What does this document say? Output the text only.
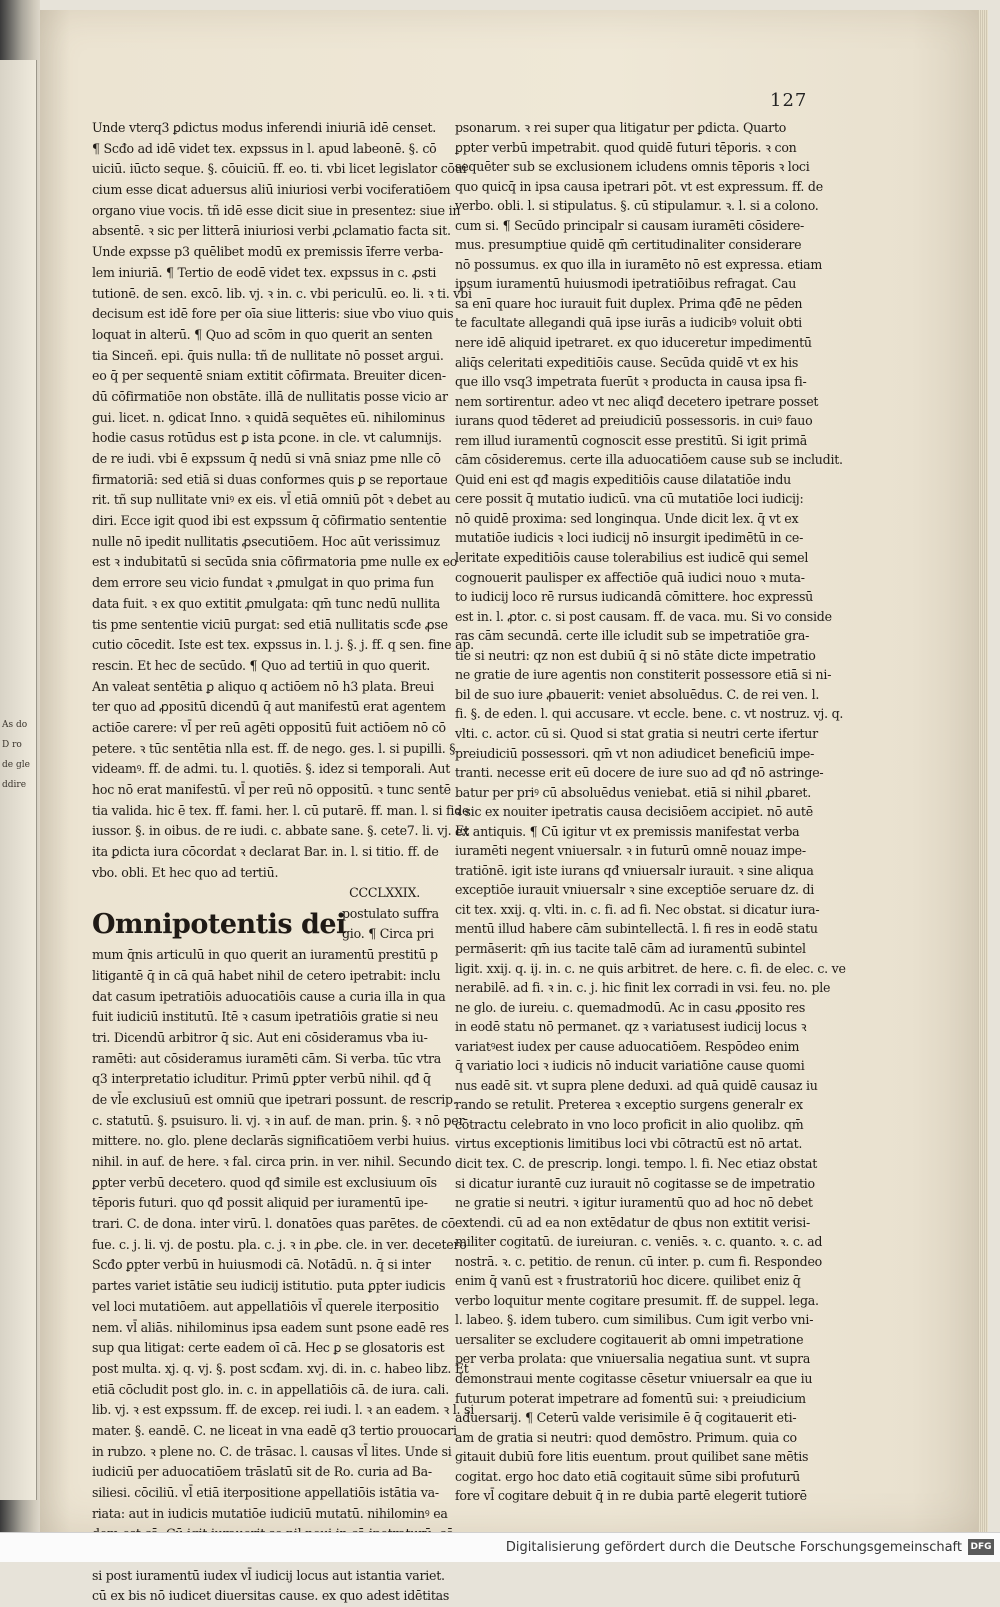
As do
D ro
de gle
ddire
127
Unde vterq3 ꝑdictus modus inferendi iniuriā idē censet.
¶ Scđo ad idē videt tex. expssus in l. apud labeonē. §. cō
uiciū. iūcto seque. §. cōuiciū. ff. eo. ti. vbi licet legislator cōui
cium esse dicat aduersus aliū iniuriosi verbi vociferatiōem
organo viue vocis. tñ idē esse dicit siue in presentez: siue in
absentē. ꝛ sic per litterā iniuriosi verbi ꝓclamatio facta sit.
Unde expsse p3 quēlibet modū ex premissis īferre verba-
lem iniuriā. ¶ Tertio de eodē videt tex. expssus in c. ꝓsti
tutionē. de sen. excō. lib. vj. ꝛ in. c. vbi periculū. eo. li. ꝛ ti. vbi
decisum est idē fore per oīa siue litteris: siue vbo viuo quis
loquat in alterū. ¶ Quo ad scōm in quo querit an senten
tia Sinceñ. epi. q̄uis nulla: tñ de nullitate nō posset argui.
eo q̄ per sequentē sniam extitit cōfirmata. Breuiter dicen-
dū cōfirmatiōe non obstāte. illā de nullitatis posse vicio ar
gui. licet. n. ꝯdicat Inno. ꝛ quidā sequētes eū. nihilominus
hodie casus rotūdus est ꝑ ista ꝑcone. in cle. vt calumnijs.
de re iudi. vbi ē expssum q̄ nedū si vnā sniaz pme nlle cō
firmatoriā: sed etiā si duas conformes quis ꝑ se reportaue
rit. tñ sup nullitate vniꝰ ex eis. vl̄ etiā omniū pōt ꝛ debet au
diri. Ecce igit quod ibi est expssum q̄ cōfirmatio sententie
nulle nō ipedit nullitatis ꝓsecutiōem. Hoc aūt verissimuz
est ꝛ indubitatū si secūda snia cōfirmatoria pme nulle ex eo
dem errore seu vicio fundat ꝛ ꝓmulgat in quo prima fun
data fuit. ꝛ ex quo extitit ꝓmulgata: qm̄ tunc nedū nullita
tis pme sententie viciū purgat: sed etiā nullitatis scđe ꝓse
cutio cōcedit. Iste est tex. expssus in. l. j. §. j. ff. q sen. fine ap.
rescin. Et hec de secūdo. ¶ Quo ad tertiū in quo querit.
An valeat sentētia ꝑ aliquo q actiōem nō h3 plata. Breui
ter quo ad ꝓpositū dicendū q̄ aut manifestū erat agentem
actiōe carere: vl̄ per reū agēti oppositū fuit actiōem nō cō
petere. ꝛ tūc sentētia nlla est. ff. de nego. ges. l. si pupilli. §.
videamꝰ. ff. de admi. tu. l. quotiēs. §. idez si temporali. Aut
hoc nō erat manifestū. vl̄ per reū nō oppositū. ꝛ tunc sentē
tia valida. hic ē tex. ff. fami. her. l. cū putarē. ff. man. l. si fide
iussor. §. in oibus. de re iudi. c. abbate sane. §. cete7. li. vj. Et
ita ꝑdicta iura cōcordat ꝛ declarat Bar. in. l. si titio. ff. de
vbo. obli. Et hec quo ad tertiū.
CCCLXXIX.
Omnipotentis dei
postulato suffra
gio. ¶ Circa pri
mum q̄nis articulū in quo querit an iuramentū prestitū p
litigantē q̄ in cā quā habet nihil de cetero ipetrabit: inclu
dat casum ipetratiōis aduocatiōis cause a curia illa in qua
fuit iudiciū institutū. Itē ꝛ casum ipetratiōis gratie si neu
tri. Dicendū arbitror q̄ sic. Aut eni cōsideramus vba iu-
ramēti: aut cōsideramus iuramēti cām. Si verba. tūc vtra
q3 interpretatio icluditur. Primū ꝑpter verbū nihil. qđ q̄
de vl̄e exclusiuū est omniū que ipetrari possunt. de rescrip.
c. statutū. §. psuisuro. li. vj. ꝛ in auf. de man. prin. §. ꝛ nō per
mittere. no. glo. plene declarās significatiōem verbi huius.
nihil. in auf. de here. ꝛ fal. circa prin. in ver. nihil. Secundo
ꝑpter verbū decetero. quod qđ simile est exclusiuum oīs
tēporis futuri. quo qđ possit aliquid per iuramentū ipe-
trari. C. de dona. inter virū. l. donatōes quas parētes. de cō
fue. c. j. li. vj. de postu. pla. c. j. ꝛ in ꝓbe. cle. in ver. decetero
Scđo ꝑpter verbū in huiusmodi cā. Notādū. n. q̄ si inter
partes variet istātie seu iudicij istitutio. puta ꝑpter iudicis
vel loci mutatiōem. aut appellatiōis vl̄ querele iterpositio
nem. vl̄ aliās. nihilominus ipsa eadem sunt psone eadē res
sup qua litigat: certe eadem oī cā. Hec ꝑ se glosatoris est
post multa. xj. q. vj. §. post scđam. xvj. di. in. c. habeo libz. Et
etiā cōcludit post glo. in. c. in appellatiōis cā. de iura. cali.
lib. vj. ꝛ est expssum. ff. de excep. rei iudi. l. ꝛ an eadem. ꝛ l. si
mater. §. eandē. C. ne liceat in vna eadē q3 tertio prouocari
in rubzo. ꝛ plene no. C. de trāsac. l. causas vl̄ lites. Unde si
iudiciū per aduocatiōem trāslatū sit de Ro. curia ad Ba-
siliesi. cōciliū. vl̄ etiā iterpositione appellatiōis istātia va-
riata: aut in iudicis mutatiōe iudiciū mutatū. nihilominꝰ ea
si post iuramentū iudex vl̄ iudicij locus aut istantia variet.
cū ex bis nō iudicet diuersitas cause. ex quo adest idētitas
psonarum. ꝛ rei super qua litigatur per ꝑdicta. Quarto
ꝑpter verbū impetrabit. quod quidē futuri tēporis. ꝛ con
sequēter sub se exclusionem icludens omnis tēporis ꝛ loci
quo quicq̄ in ipsa causa ipetrari pōt. vt est expressum. ff. de
verbo. obli. l. si stipulatus. §. cū stipulamur. ꝛ. l. si a colono.
cum si. ¶ Secūdo principalr si causam iuramēti cōsidere-
mus. presumptiue quidē qm̄ certitudinaliter considerare
nō possumus. ex quo illa in iuramēto nō est expressa. etiam
ipsum iuramentū huiusmodi ipetratiōibus refragat. Cau
sa enī quare hoc iurauit fuit duplex. Prima qđē ne pēden
te facultate allegandi quā ipse iurās a iudicibꝰ voluit obti
nere idē aliquid ipetraret. ex quo iduceretur impedimentū
aliq̄s celeritati expeditiōis cause. Secūda quidē vt ex his
que illo vsq3 impetrata fuerūt ꝛ producta in causa ipsa fi-
nem sortirentur. adeo vt nec aliqđ decetero ipetrare posset
iurans quod tēderet ad preiudiciū possessoris. in cuiꝰ fauo
rem illud iuramentū cognoscit esse prestitū. Si igit primā
cām cōsideremus. certe illa aduocatiōem cause sub se includit.
Quid eni est qđ magis expeditiōis cause dilatatiōe indu
cere possit q̄ mutatio iudicū. vna cū mutatiōe loci iudicij:
nō quidē proxima: sed longinqua. Unde dicit lex. q̄ vt ex
mutatiōe iudicis ꝛ loci iudicij nō insurgit ipedimētū in ce-
leritate expeditiōis cause tolerabilius est iudicē qui semel
cognouerit paulisper ex affectiōe quā iudici nouo ꝛ muta-
to iudicij loco rē rursus iudicandā cōmittere. hoc expressū
est in. l. ꝓtor. c. si post causam. ff. de vaca. mu. Si vo conside
ras cām secundā. certe ille icludit sub se impetratiōe gra-
tie si neutri: qz non est dubiū q̄ si nō stāte dicte impetratio
ne gratie de iure agentis non constiterit possessore etiā si ni-
bil de suo iure ꝓbauerit: veniet absoluēdus. C. de rei ven. l.
fi. §. de eden. l. qui accusare. vt eccle. bene. c. vt nostruz. vj. q.
vlti. c. actor. cū si. Quod si stat gratia si neutri certe ifertur
preiudiciū possessori. qm̄ vt non adiudicet beneficiū impe-
tranti. necesse erit eū docere de iure suo ad qđ nō astringe-
batur per priꝰ cū absoluēdus veniebat. etiā si nihil ꝓbaret.
ꝛ sic ex nouiter ipetratis causa decisiōem accipiet. nō autē
ex antiquis. ¶ Cū igitur vt ex premissis manifestat verba
iuramēti negent vniuersalr. ꝛ in futurū omnē nouaz impe-
tratiōnē. igit iste iurans qđ vniuersalr iurauit. ꝛ sine aliqua
exceptiōe iurauit vniuersalr ꝛ sine exceptiōe seruare dz. di
cit tex. xxij. q. vlti. in. c. fi. ad fi. Nec obstat. si dicatur iura-
mentū illud habere cām subintellectā. l. fi res in eodē statu
permāserit: qm̄ ius tacite talē cām ad iuramentū subintel
ligit. xxij. q. ij. in. c. ne quis arbitret. de here. c. fi. de elec. c. ve
nerabilē. ad fi. ꝛ in. c. j. hic finit lex corradi in vsi. feu. no. ple
ne glo. de iureiu. c. quemadmodū. Ac in casu ꝓposito res
in eodē statu nō permanet. qz ꝛ variatusest iudicij locus ꝛ
variatꝰest iudex per cause aduocatiōem. Respōdeo enim
q̄ variatio loci ꝛ iudicis nō inducit variatiōne cause quomi
nus eadē sit. vt supra plene deduxi. ad quā quidē causaz iu
rando se retulit. Preterea ꝛ exceptio surgens generalr ex
cōtractu celebrato in vno loco proficit in alio quolibz. qm̄
virtus exceptionis limitibus loci vbi cōtractū est nō artat.
dicit tex. C. de prescrip. longi. tempo. l. fi. Nec etiaz obstat
si dicatur iurantē cuz iurauit nō cogitasse se de impetratio
ne gratie si neutri. ꝛ igitur iuramentū quo ad hoc nō debet
extendi. cū ad ea non extēdatur de qbus non extitit verisi-
militer cogitatū. de iureiuran. c. veniēs. ꝛ. c. quanto. ꝛ. c. ad
nostrā. ꝛ. c. petitio. de renun. cū inter. p. cum fi. Respondeo
enim q̄ vanū est ꝛ frustratoriū hoc dicere. quilibet eniz q̄
verbo loquitur mente cogitare presumit. ff. de suppel. lega.
l. labeo. §. idem tubero. cum similibus. Cum igit verbo vni-
uersaliter se excludere cogitauerit ab omni impetratione
per verba prolata: que vniuersalia negatiua sunt. vt supra
demonstraui mente cogitasse cēsetur vniuersalr ea que iu
futurum poterat impetrare ad fomentū sui: ꝛ preiudicium
aduersarij. ¶ Ceterū valde verisimile ē q̄ cogitauerit eti-
am de gratia si neutri: quod demōstro. Primum. quia co
gitauit dubiū fore litis euentum. prout quilibet sane mētis
cogitat. ergo hoc dato etiā cogitauit sūme sibi profuturū
fore vl̄ cogitare debuit q̄ in re dubia partē elegerit tutiorē
Digitalisierung gefördert durch die Deutsche Forschungsgemeinschaft DFG
